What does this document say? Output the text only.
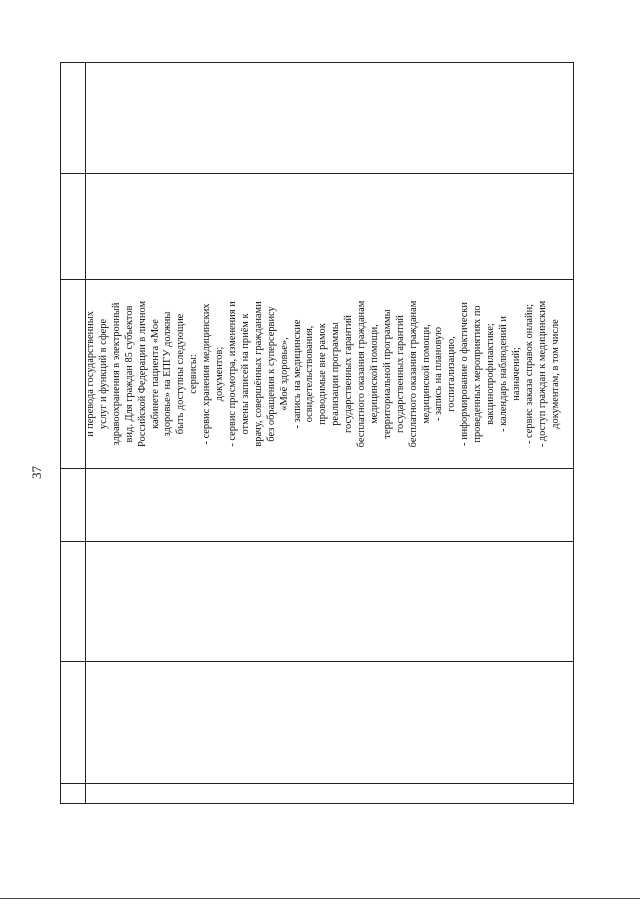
37
и перевода государственных услуг и функций в сфере здравоохранения в электронный вид. Для граждан 85 субъектов Российской Федерации в личном кабинете пациента «Мое здоровье» на ЕПГУ должны быть доступны следующие сервисы: - сервис хранения медицинских документов; - сервис просмотра, изменения и отмены записей на приём к врачу, совершённых гражданами без обращения к суперсервису «Моё здоровье», - запись на медицинские освидетельствования, проводимые вне рамок реализации программы государственных гарантий бесплатного оказания гражданам медицинской помощи, территориальной программы государственных гарантий бесплатного оказания гражданам медицинской помощи, - запись на плановую госпитализацию, - информирование о фактически проведенных мероприятиях по вакцинопрофилактике; - календарь наблюдений и назначений; - сервис заказа справок онлайн; - доступ граждан к медицинским документам, в том числе
